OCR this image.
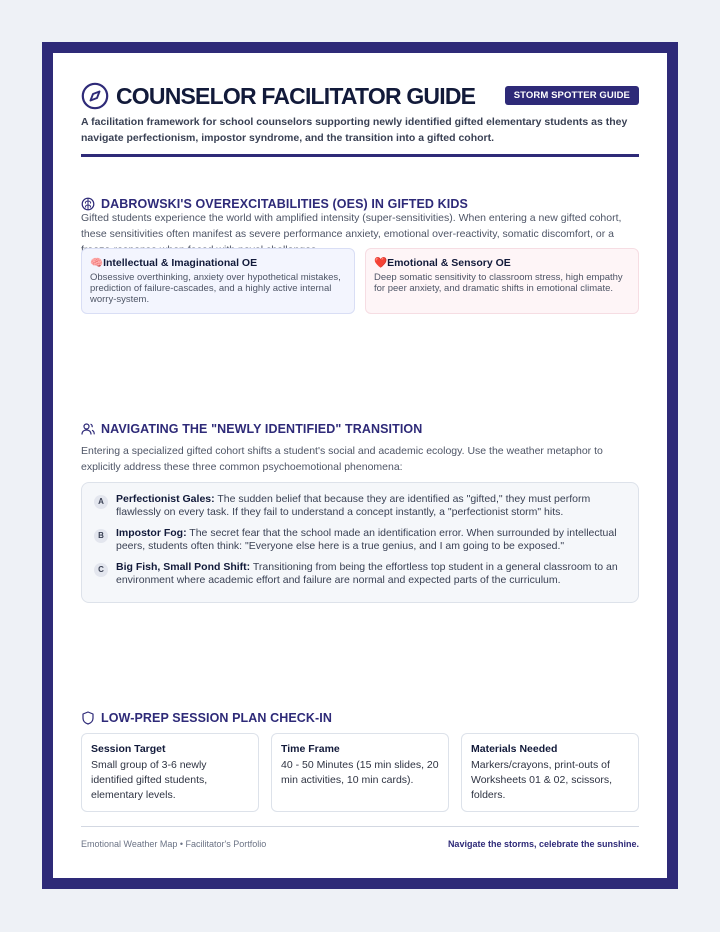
COUNSELOR FACILITATOR GUIDE	STORM SPOTTER GUIDE
A facilitation framework for school counselors supporting newly identified gifted elementary students as they navigate perfectionism, impostor syndrome, and the transition into a gifted cohort.
DABROWSKI'S OVEREXCITABILITIES (OES) IN GIFTED KIDS
Gifted students experience the world with amplified intensity (super-sensitivities). When entering a new gifted cohort, these sensitivities often manifest as severe performance anxiety, emotional over-reactivity, somatic discomfort, or a
🧠Intellectual & Imaginational OE
Obsessive overthinking, anxiety over hypothetical mistakes, prediction of failure-cascades, and a highly active internal worry-system.
❤️Emotional & Sensory OE
Deep somatic sensitivity to classroom stress, high empathy for peer anxiety, and dramatic shifts in emotional climate.
NAVIGATING THE "NEWLY IDENTIFIED" TRANSITION
Entering a specialized gifted cohort shifts a student's social and academic ecology. Use the weather metaphor to explicitly address these three common psychoemotional phenomena:
A	Perfectionist Gales: The sudden belief that because they are identified as "gifted," they must perform flawlessly on every task. If they fail to understand a concept instantly, a "perfectionist storm" hits.
B	Impostor Fog: The secret fear that the school made an identification error. When surrounded by intellectual peers, students often think: "Everyone else here is a true genius, and I am going to be exposed."
C	Big Fish, Small Pond Shift: Transitioning from being the effortless top student in a general classroom to an environment where academic effort and failure are normal and expected parts of the curriculum.
LOW-PREP SESSION PLAN CHECK-IN
Session Target
Small group of 3-6 newly identified gifted students, elementary levels.
Time Frame
40 - 50 Minutes (15 min slides, 20 min activities, 10 min cards).
Materials Needed
Markers/crayons, print-outs of Worksheets 01 & 02, scissors, folders.
Emotional Weather Map • Facilitator's Portfolio	Navigate the storms, celebrate the sunshine.
